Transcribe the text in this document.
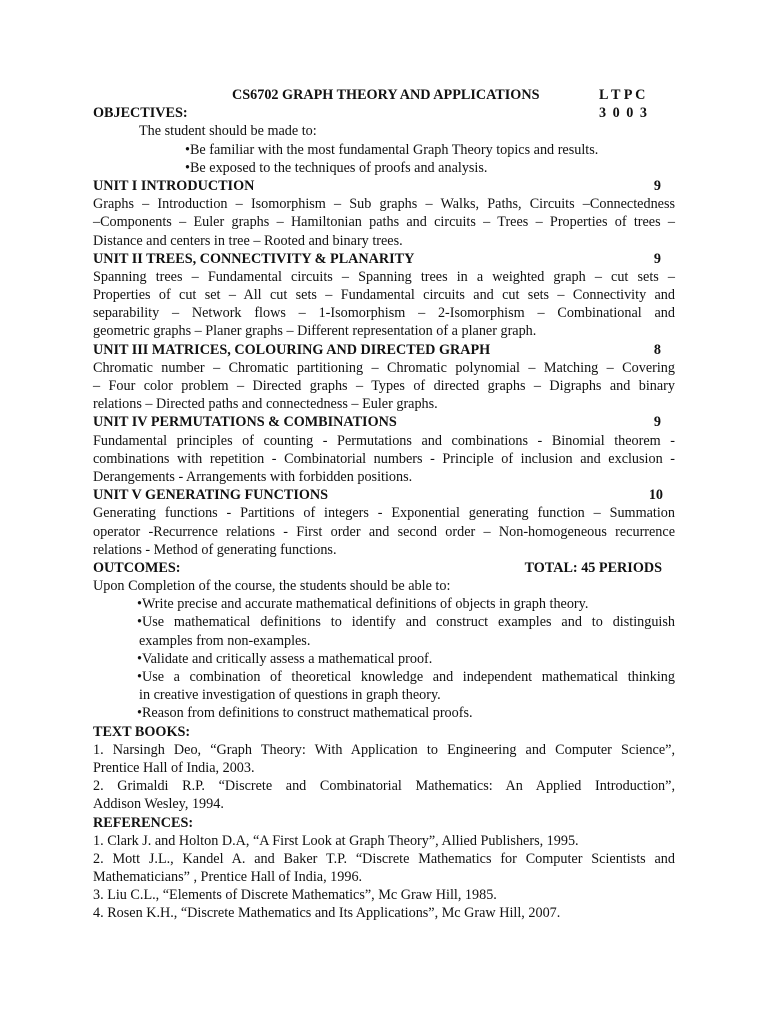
CS6702 GRAPH THEORY AND APPLICATIONS	L T P C
OBJECTIVES:	3 0 0 3
The student should be made to:
•Be familiar with the most fundamental Graph Theory topics and results.
•Be exposed to the techniques of proofs and analysis.
UNIT I INTRODUCTION	9
Graphs – Introduction – Isomorphism – Sub graphs – Walks, Paths, Circuits –Connectedness
–Components – Euler graphs – Hamiltonian paths and circuits – Trees – Properties of trees –
Distance and centers in tree – Rooted and binary trees.
UNIT II TREES, CONNECTIVITY & PLANARITY	9
Spanning trees – Fundamental circuits – Spanning trees in a weighted graph – cut sets –
Properties of cut set – All cut sets – Fundamental circuits and cut sets – Connectivity and
separability – Network flows – 1-Isomorphism – 2-Isomorphism – Combinational and
geometric graphs – Planer graphs – Different representation of a planer graph.
UNIT III MATRICES, COLOURING AND DIRECTED GRAPH	8
Chromatic number – Chromatic partitioning – Chromatic polynomial – Matching – Covering
– Four color problem – Directed graphs – Types of directed graphs – Digraphs and binary
relations – Directed paths and connectedness – Euler graphs.
UNIT IV PERMUTATIONS & COMBINATIONS	9
Fundamental principles of counting - Permutations and combinations - Binomial theorem -
combinations with repetition - Combinatorial numbers - Principle of inclusion and exclusion -
Derangements - Arrangements with forbidden positions.
UNIT V GENERATING FUNCTIONS	10
Generating functions - Partitions of integers - Exponential generating function – Summation
operator -Recurrence relations - First order and second order – Non-homogeneous recurrence
relations - Method of generating functions.
OUTCOMES:	TOTAL: 45 PERIODS
Upon Completion of the course, the students should be able to:
•Write precise and accurate mathematical definitions of objects in graph theory.
•Use mathematical definitions to identify and construct examples and to distinguish
examples from non-examples.
•Validate and critically assess a mathematical proof.
•Use a combination of theoretical knowledge and independent mathematical thinking
in creative investigation of questions in graph theory.
•Reason from definitions to construct mathematical proofs.
TEXT BOOKS:
1. Narsingh Deo, “Graph Theory: With Application to Engineering and Computer Science”,
Prentice Hall of India, 2003.
2. Grimaldi R.P. “Discrete and Combinatorial Mathematics: An Applied Introduction”,
Addison Wesley, 1994.
REFERENCES:
1. Clark J. and Holton D.A, “A First Look at Graph Theory”, Allied Publishers, 1995.
2. Mott J.L., Kandel A. and Baker T.P. “Discrete Mathematics for Computer Scientists and
Mathematicians” , Prentice Hall of India, 1996.
3. Liu C.L., “Elements of Discrete Mathematics”, Mc Graw Hill, 1985.
4. Rosen K.H., “Discrete Mathematics and Its Applications”, Mc Graw Hill, 2007.
